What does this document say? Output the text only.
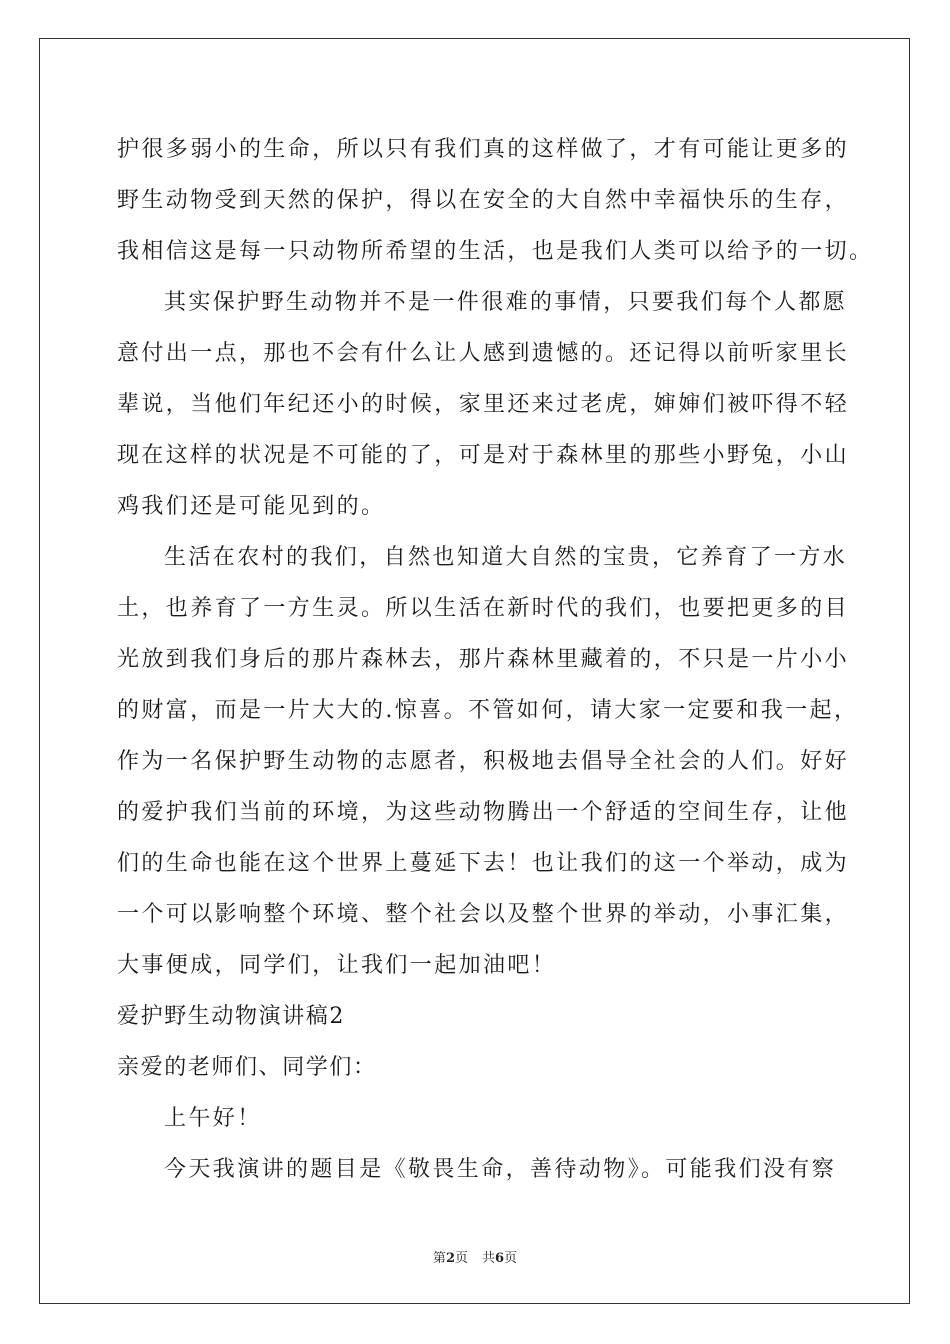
护很多弱小的生命，所以只有我们真的这样做了，才有可能让更多的
野生动物受到天然的保护，得以在安全的大自然中幸福快乐的生存，
我相信这是每一只动物所希望的生活，也是我们人类可以给予的一切。
其实保护野生动物并不是一件很难的事情，只要我们每个人都愿
意付出一点，那也不会有什么让人感到遗憾的。还记得以前听家里长
辈说，当他们年纪还小的时候，家里还来过老虎，婶婶们被吓得不轻
现在这样的状况是不可能的了，可是对于森林里的那些小野兔，小山
鸡我们还是可能见到的。
生活在农村的我们，自然也知道大自然的宝贵，它养育了一方水
土，也养育了一方生灵。所以生活在新时代的我们，也要把更多的目
光放到我们身后的那片森林去，那片森林里藏着的，不只是一片小小
的财富，而是一片大大的.惊喜。不管如何，请大家一定要和我一起，
作为一名保护野生动物的志愿者，积极地去倡导全社会的人们。好好
的爱护我们当前的环境，为这些动物腾出一个舒适的空间生存，让他
们的生命也能在这个世界上蔓延下去！也让我们的这一个举动，成为
一个可以影响整个环境、整个社会以及整个世界的举动，小事汇集，
大事便成，同学们，让我们一起加油吧！
爱护野生动物演讲稿2
亲爱的老师们、同学们：
上午好！
今天我演讲的题目是《敬畏生命，善待动物》。可能我们没有察
第2页 共6页
